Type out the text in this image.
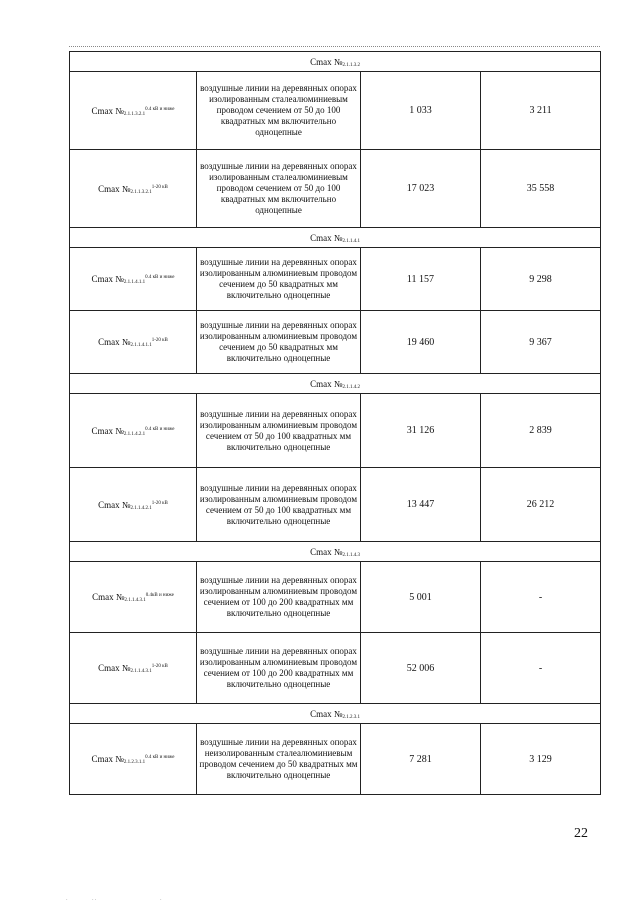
Cmax №2.1.1.3.2			
Cmax $№2.1.1.3.2.1^{0.4 кВ и ниже}$	воздушные линии на деревянных опорах изолированным сталеалюминиевым проводом сечением от 50 до 100 квадратных мм включительно одноцепные	1 033	3 211
Cmax $№2.1.1.3.2.1^{1-20 кВ}$	воздушные линии на деревянных опорах изолированным сталеалюминиевым проводом сечением от 50 до 100 квадратных мм включительно одноцепные	17 023	35 558
Cmax №2.1.1.4.1			
Cmax $№2.1.1.4.1.1^{0.4 кВ и ниже}$	воздушные линии на деревянных опорах изолированным алюминиевым проводом сечением до 50 квадратных мм включительно одноцепные	11 157	9 298
Cmax $№2.1.1.4.1.1^{1-20 кВ}$	воздушные линии на деревянных опорах изолированным алюминиевым проводом сечением до 50 квадратных мм включительно одноцепные	19 460	9 367
Cmax №2.1.1.4.2			
Cmax $№2.1.1.4.2.1^{0.4 кВ и ниже}$	воздушные линии на деревянных опорах изолированным алюминиевым проводом сечением от 50 до 100 квадратных мм включительно одноцепные	31 126	2 839
Cmax $№2.1.1.4.2.1^{1-20 кВ}$	воздушные линии на деревянных опорах изолированным алюминиевым проводом сечением от 50 до 100 квадратных мм включительно одноцепные	13 447	26 212
Cmax №2.1.1.4.3			
Cmax $№2.1.1.4.3.1^{0.4кВ и ниже}$	воздушные линии на деревянных опорах изолированным алюминиевым проводом сечением от 100 до 200 квадратных мм включительно одноцепные	5 001	-
Cmax $№2.1.1.4.3.1^{1-20 кВ}$	воздушные линии на деревянных опорах изолированным алюминиевым проводом сечением от 100 до 200 квадратных мм включительно одноцепные	52 006	-
Cmax №2.1.2.3.1			
Cmax $№2.1.2.3.1.1^{0.4 кВ и ниже}$	воздушные линии на деревянных опорах неизолированным сталеалюминиевым проводом сечением до 50 квадратных мм включительно одноцепные	7 281	3 129
22
·	· ·	·
